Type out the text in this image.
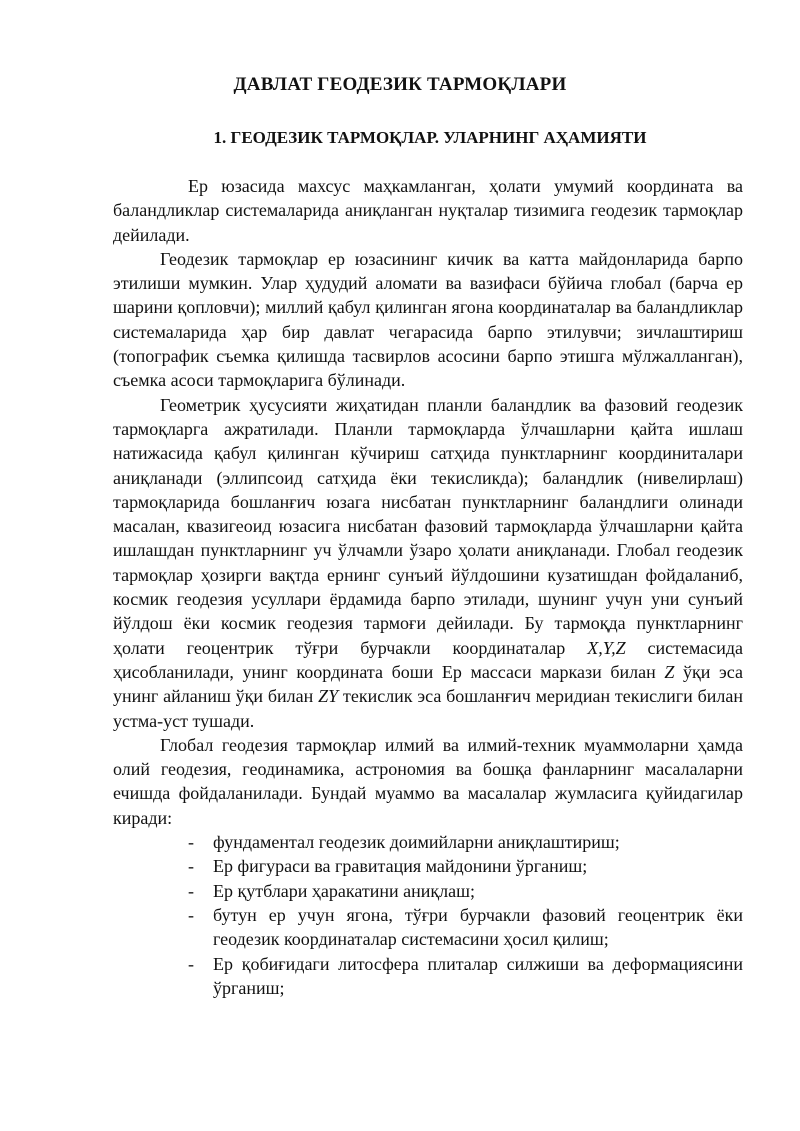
ДАВЛАТ ГЕОДЕЗИК ТАРМОҚЛАРИ
1. ГЕОДЕЗИК ТАРМОҚЛАР. УЛАРНИНГ АҲАМИЯТИ

Ер юзасида махсус маҳкамланган, ҳолати умумий координата ва баландликлар системаларида аниқланган нуқталар тизимига геодезик тармоқлар дейилади.

Геодезик тармоқлар ер юзасининг кичик ва катта майдонларида барпо этилиши мумкин. Улар ҳудудий аломати ва вазифаси бўйича глобал (барча ер шарини қопловчи); миллий қабул қилинган ягона координаталар ва баландликлар системаларида ҳар бир давлат чегарасида барпо этилувчи; зичлаштириш (топографик съемка қилишда тасвирлов асосини барпо этишга мўлжалланган), съемка асоси тармоқларига бўлинади.

Геометрик ҳусусияти жиҳатидан планли баландлик ва фазовий геодезик тармоқларга ажратилади. Планли тармоқларда ўлчашларни қайта ишлаш натижасида қабул қилинган кўчириш сатҳида пунктларнинг координиталари аниқланади (эллипсоид сатҳида ёки текисликда); баландлик (нивелирлаш) тармоқларида бошланғич юзага нисбатан пунктларнинг баландлиги олинади масалан, квазигеоид юзасига нисбатан фазовий тармоқларда ўлчашларни қайта ишлашдан пунктларнинг уч ўлчамли ўзаро ҳолати аниқланади. Глобал геодезик тармоқлар ҳозирги вақтда ернинг сунъий йўлдошини кузатишдан фойдаланиб, космик геодезия усуллари ёрдамида барпо этилади, шунинг учун уни сунъий йўлдош ёки космик геодезия тармоғи дейилади. Бу тармоқда пунктларнинг ҳолати геоцентрик тўғри бурчакли координаталар X,Y,Z системасида ҳисобланилади, унинг координата боши Ер массаси маркази билан Z ўқи эса унинг айланиш ўқи билан ZY текислик эса бошланғич меридиан текислиги билан устма-уст тушади.

Глобал геодезия тармоқлар илмий ва илмий-техник муаммоларни ҳамда олий геодезия, геодинамика, астрономия ва бошқа фанларнинг масалаларни ечишда фойдаланилади. Бундай муаммо ва масалалар жумласига қуйидагилар киради:

- фундаментал геодезик доимийларни аниқлаштириш;
- Ер фигураси ва гравитация майдонини ўрганиш;
- Ер қутблари ҳаракатини аниқлаш;
- бутун ер учун ягона, тўғри бурчакли фазовий геоцентрик ёки геодезик координаталар системасини ҳосил қилиш;
- Ер қобиғидаги литосфера плиталар силжиши ва деформациясини ўрганиш;
